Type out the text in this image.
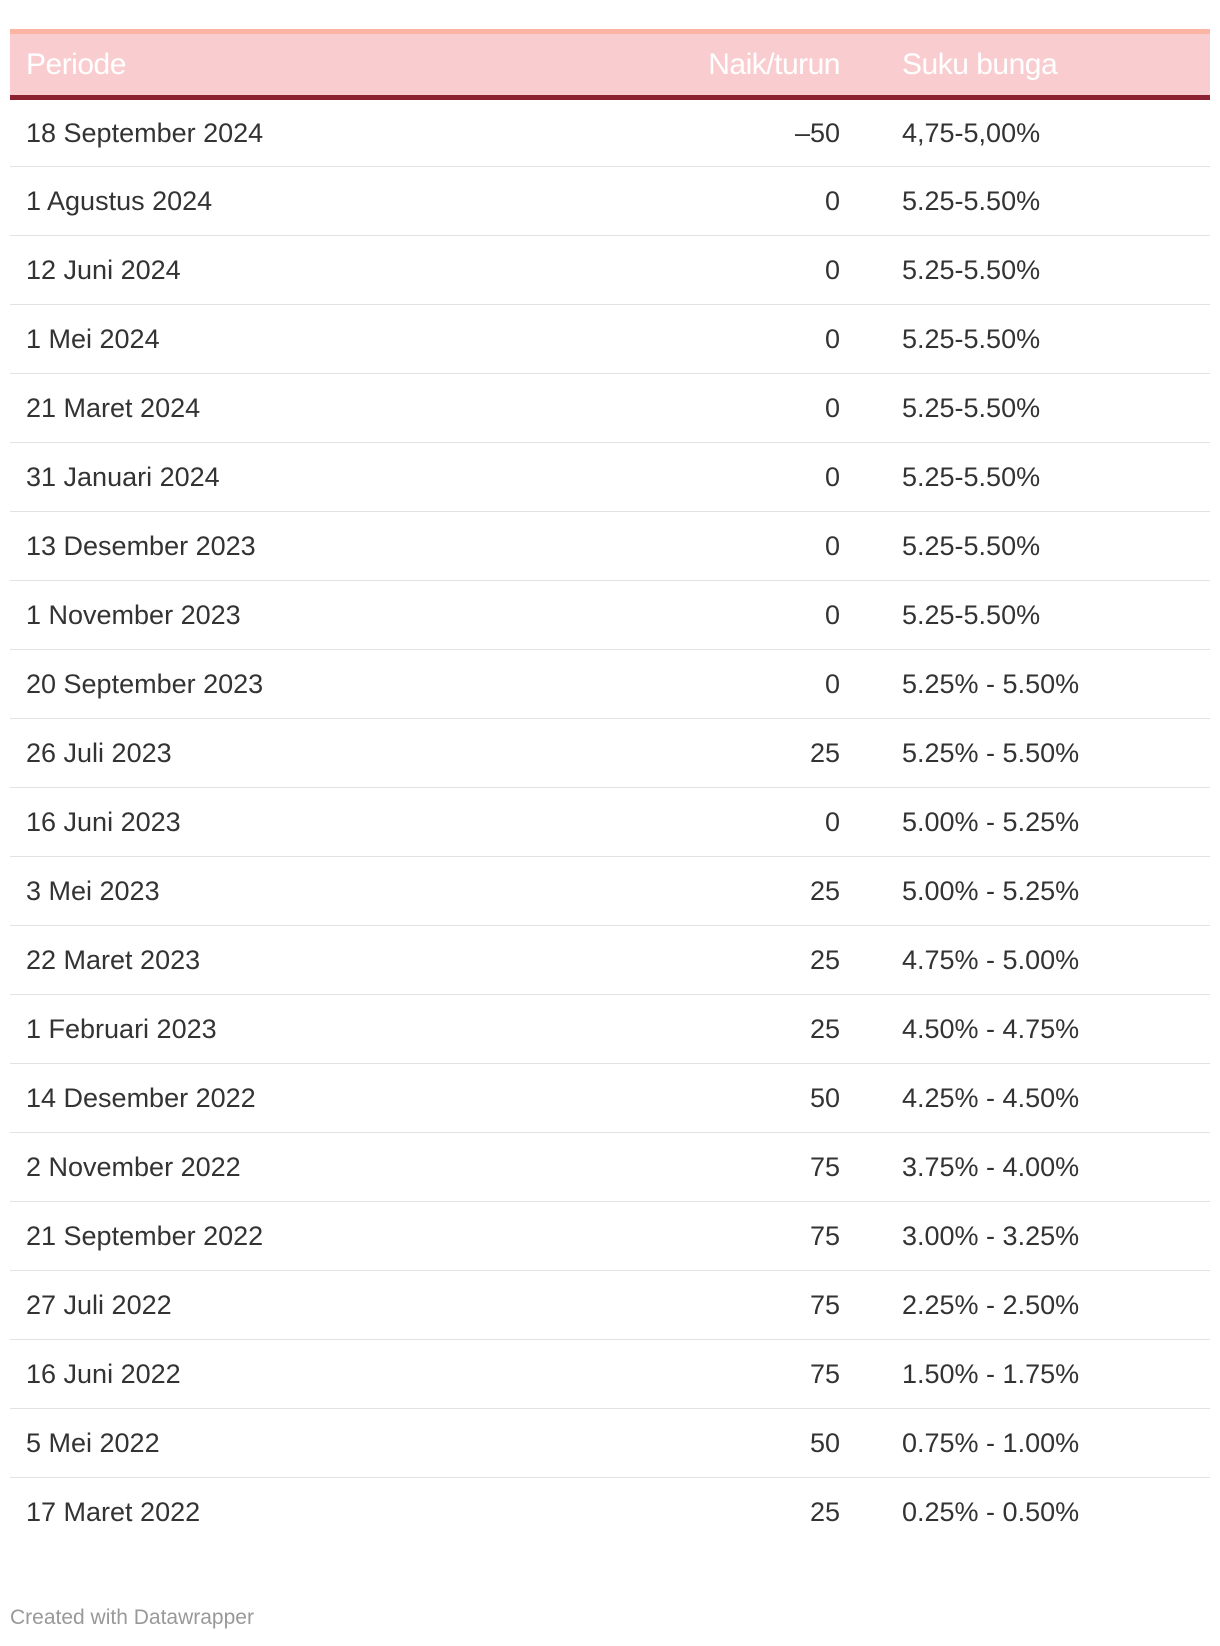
Periode	Naik/turun	Suku bunga
18 September 2024	–50	4,75-5,00%
1 Agustus 2024	0	5.25-5.50%
12 Juni 2024	0	5.25-5.50%
1 Mei 2024	0	5.25-5.50%
21 Maret 2024	0	5.25-5.50%
31 Januari 2024	0	5.25-5.50%
13 Desember 2023	0	5.25-5.50%
1 November 2023	0	5.25-5.50%
20 September 2023	0	5.25% - 5.50%
26 Juli 2023	25	5.25% - 5.50%
16 Juni 2023	0	5.00% - 5.25%
3 Mei 2023	25	5.00% - 5.25%
22 Maret 2023	25	4.75% - 5.00%
1 Februari 2023	25	4.50% - 4.75%
14 Desember 2022	50	4.25% - 4.50%
2 November 2022	75	3.75% - 4.00%
21 September 2022	75	3.00% - 3.25%
27 Juli 2022	75	2.25% - 2.50%
16 Juni 2022	75	1.50% - 1.75%
5 Mei 2022	50	0.75% - 1.00%
17 Maret 2022	25	0.25% - 0.50%
Created with Datawrapper
